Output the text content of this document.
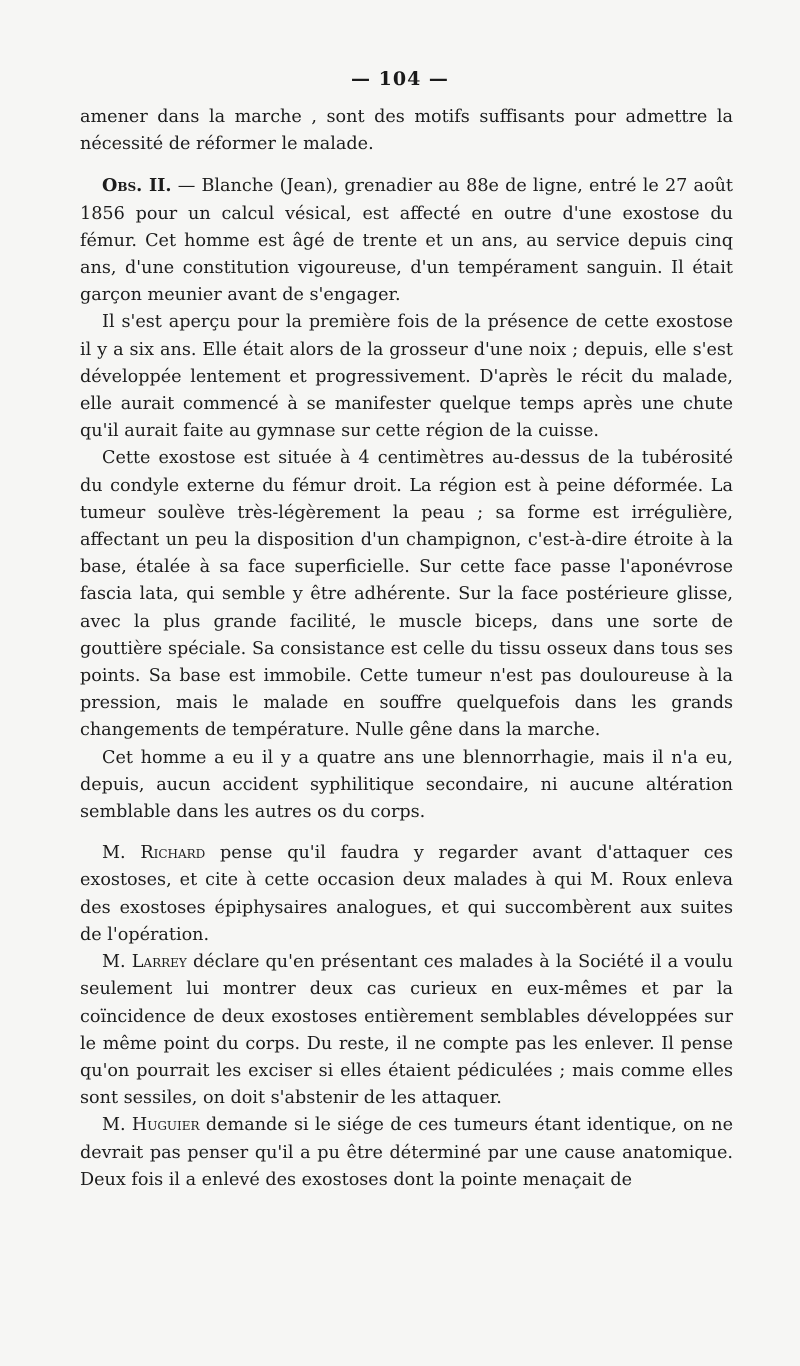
— 104 —

amener dans la marche , sont des motifs suffisants pour admettre la nécessité de réformer le malade.

Obs. II. — Blanche (Jean), grenadier au 88e de ligne, entré le 27 août 1856 pour un calcul vésical, est affecté en outre d'une exostose du fémur. Cet homme est âgé de trente et un ans, au service depuis cinq ans, d'une constitution vigoureuse, d'un tempérament sanguin. Il était garçon meunier avant de s'engager.

Il s'est aperçu pour la première fois de la présence de cette exostose il y a six ans. Elle était alors de la grosseur d'une noix ; depuis, elle s'est développée lentement et progressivement. D'après le récit du malade, elle aurait commencé à se manifester quelque temps après une chute qu'il aurait faite au gymnase sur cette région de la cuisse.

Cette exostose est située à 4 centimètres au-dessus de la tubérosité du condyle externe du fémur droit. La région est à peine déformée. La tumeur soulève très-légèrement la peau ; sa forme est irrégulière, affectant un peu la disposition d'un champignon, c'est-à-dire étroite à la base, étalée à sa face superficielle. Sur cette face passe l'aponévrose fascia lata, qui semble y être adhérente. Sur la face postérieure glisse, avec la plus grande facilité, le muscle biceps, dans une sorte de gouttière spéciale. Sa consistance est celle du tissu osseux dans tous ses points. Sa base est immobile. Cette tumeur n'est pas douloureuse à la pression, mais le malade en souffre quelquefois dans les grands changements de température. Nulle gêne dans la marche.

Cet homme a eu il y a quatre ans une blennorrhagie, mais il n'a eu, depuis, aucun accident syphilitique secondaire, ni aucune altération semblable dans les autres os du corps.

M. Richard pense qu'il faudra y regarder avant d'attaquer ces exostoses, et cite à cette occasion deux malades à qui M. Roux enleva des exostoses épiphysaires analogues, et qui succombèrent aux suites de l'opération.

M. Larrey déclare qu'en présentant ces malades à la Société il a voulu seulement lui montrer deux cas curieux en eux-mêmes et par la coïncidence de deux exostoses entièrement semblables développées sur le même point du corps. Du reste, il ne compte pas les enlever. Il pense qu'on pourrait les exciser si elles étaient pédiculées ; mais comme elles sont sessiles, on doit s'abstenir de les attaquer.

M. Huguier demande si le siége de ces tumeurs étant identique, on ne devrait pas penser qu'il a pu être déterminé par une cause anatomique. Deux fois il a enlevé des exostoses dont la pointe menaçait de
